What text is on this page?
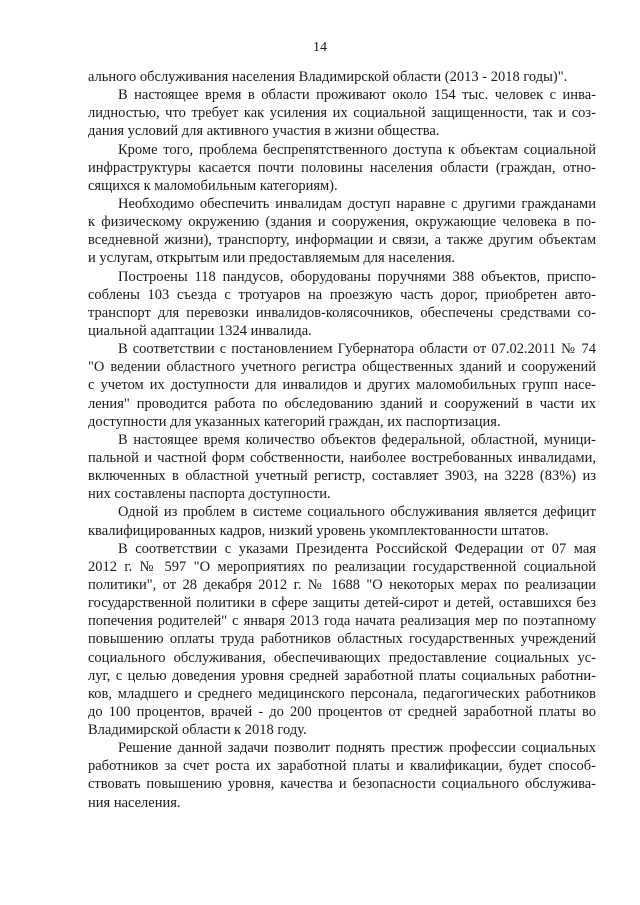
14
ального обслуживания населения Владимирской области (2013 - 2018 годы)".
В настоящее время в области проживают около 154 тыс. человек с инва-
лидностью, что требует как усиления их социальной защищенности, так и соз-
дания условий для активного участия в жизни общества.
Кроме того, проблема беспрепятственного доступа к объектам социальной
инфраструктуры касается почти половины населения области (граждан, отно-
сящихся к маломобильным категориям).
Необходимо обеспечить инвалидам доступ наравне с другими гражданами
к физическому окружению (здания и сооружения, окружающие человека в по-
вседневной жизни), транспорту, информации и связи, а также другим объектам
и услугам, открытым или предоставляемым для населения.
Построены 118 пандусов, оборудованы поручнями 388 объектов, приспо-
соблены 103 съезда с тротуаров на проезжую часть дорог, приобретен авто-
транспорт для перевозки инвалидов-колясочников, обеспечены средствами со-
циальной адаптации 1324 инвалида.
В соответствии с постановлением Губернатора области от 07.02.2011 № 74
"О ведении областного учетного регистра общественных зданий и сооружений
с учетом их доступности для инвалидов и других маломобильных групп насе-
ления" проводится работа по обследованию зданий и сооружений в части их
доступности для указанных категорий граждан, их паспортизация.
В настоящее время количество объектов федеральной, областной, муници-
пальной и частной форм собственности, наиболее востребованных инвалидами,
включенных в областной учетный регистр, составляет 3903, на 3228 (83%) из
них составлены паспорта доступности.
Одной из проблем в системе социального обслуживания является дефицит
квалифицированных кадров, низкий уровень укомплектованности штатов.
В соответствии с указами Президента Российской Федерации от 07 мая
2012 г. № 597 "О мероприятиях по реализации государственной социальной
политики", от 28 декабря 2012 г. № 1688 "О некоторых мерах по реализации
государственной политики в сфере защиты детей-сирот и детей, оставшихся без
попечения родителей" с января 2013 года начата реализация мер по поэтапному
повышению оплаты труда работников областных государственных учреждений
социального обслуживания, обеспечивающих предоставление социальных ус-
луг, с целью доведения уровня средней заработной платы социальных работни-
ков, младшего и среднего медицинского персонала, педагогических работников
до 100 процентов, врачей - до 200 процентов от средней заработной платы во
Владимирской области к 2018 году.
Решение данной задачи позволит поднять престиж профессии социальных
работников за счет роста их заработной платы и квалификации, будет способ-
ствовать повышению уровня, качества и безопасности социального обслужива-
ния населения.
